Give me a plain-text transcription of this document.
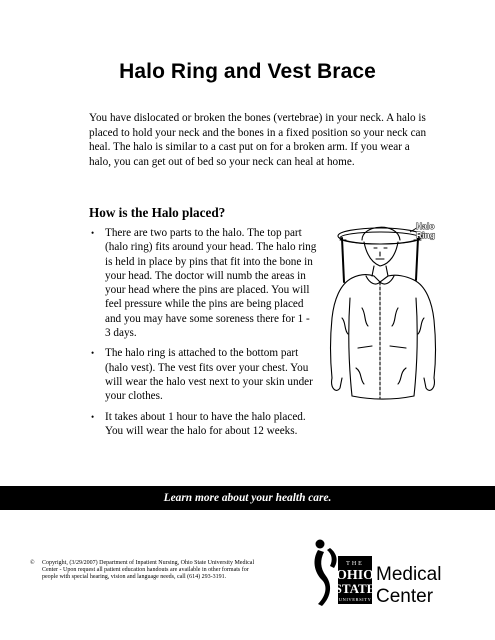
Halo Ring and Vest Brace
You have dislocated or broken the bones (vertebrae) in your neck. A halo is placed to hold your neck and the bones in a fixed position so your neck can heal. The halo is similar to a cast put on for a broken arm. If you wear a halo, you can get out of bed so your neck can heal at home.
How is the Halo placed?
• There are two parts to the halo. The top part (halo ring) fits around your head. The halo ring is held in place by pins that fit into the bone in your head. The doctor will numb the areas in your head where the pins are placed. You will feel pressure while the pins are being placed and you may have some soreness there for 1 - 3 days.
• The halo ring is attached to the bottom part (halo vest). The vest fits over your chest. You will wear the halo vest next to your skin under your clothes.
• It takes about 1 hour to have the halo placed. You will wear the halo for about 12 weeks.
Halo
Ring
Learn more about your health care.
©	Copyright, (3/29/2007) Department of Inpatient Nursing, Ohio State University Medical Center - Upon request all patient education handouts are available in other formats for people with special hearing, vision and language needs, call (614) 293-3191.
THE
OHIO
STATE
UNIVERSITY
Medical
Center
